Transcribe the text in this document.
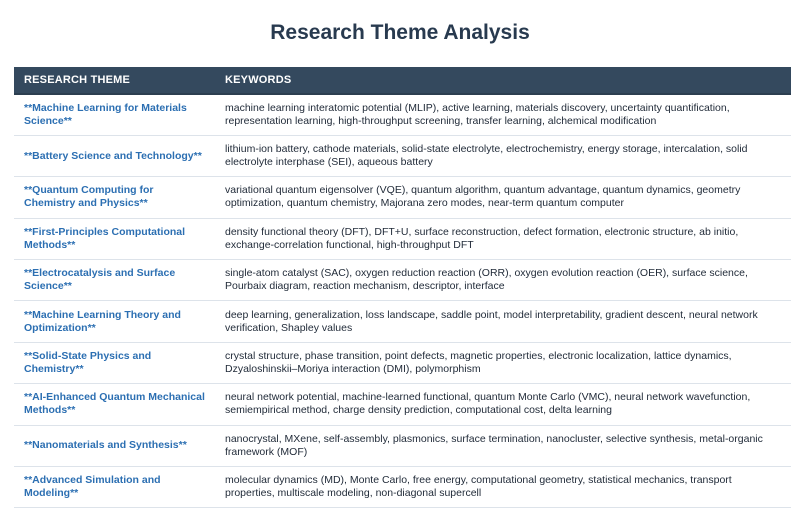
Research Theme Analysis
RESEARCH THEME	KEYWORDS
**Machine Learning for Materials Science**	machine learning interatomic potential (MLIP), active learning, materials discovery, uncertainty quantification, representation learning, high-throughput screening, transfer learning, alchemical modification
**Battery Science and Technology**	lithium-ion battery, cathode materials, solid-state electrolyte, electrochemistry, energy storage, intercalation, solid electrolyte interphase (SEI), aqueous battery
**Quantum Computing for Chemistry and Physics**	variational quantum eigensolver (VQE), quantum algorithm, quantum advantage, quantum dynamics, geometry optimization, quantum chemistry, Majorana zero modes, near-term quantum computer
**First-Principles Computational Methods**	density functional theory (DFT), DFT+U, surface reconstruction, defect formation, electronic structure, ab initio, exchange-correlation functional, high-throughput DFT
**Electrocatalysis and Surface Science**	single-atom catalyst (SAC), oxygen reduction reaction (ORR), oxygen evolution reaction (OER), surface science, Pourbaix diagram, reaction mechanism, descriptor, interface
**Machine Learning Theory and Optimization**	deep learning, generalization, loss landscape, saddle point, model interpretability, gradient descent, neural network verification, Shapley values
**Solid-State Physics and Chemistry**	crystal structure, phase transition, point defects, magnetic properties, electronic localization, lattice dynamics, Dzyaloshinskii–Moriya interaction (DMI), polymorphism
**AI-Enhanced Quantum Mechanical Methods**	neural network potential, machine-learned functional, quantum Monte Carlo (VMC), neural network wavefunction, semiempirical method, charge density prediction, computational cost, delta learning
**Nanomaterials and Synthesis**	nanocrystal, MXene, self-assembly, plasmonics, surface termination, nanocluster, selective synthesis, metal-organic framework (MOF)
**Advanced Simulation and Modeling**	molecular dynamics (MD), Monte Carlo, free energy, computational geometry, statistical mechanics, transport properties, multiscale modeling, non-diagonal supercell
